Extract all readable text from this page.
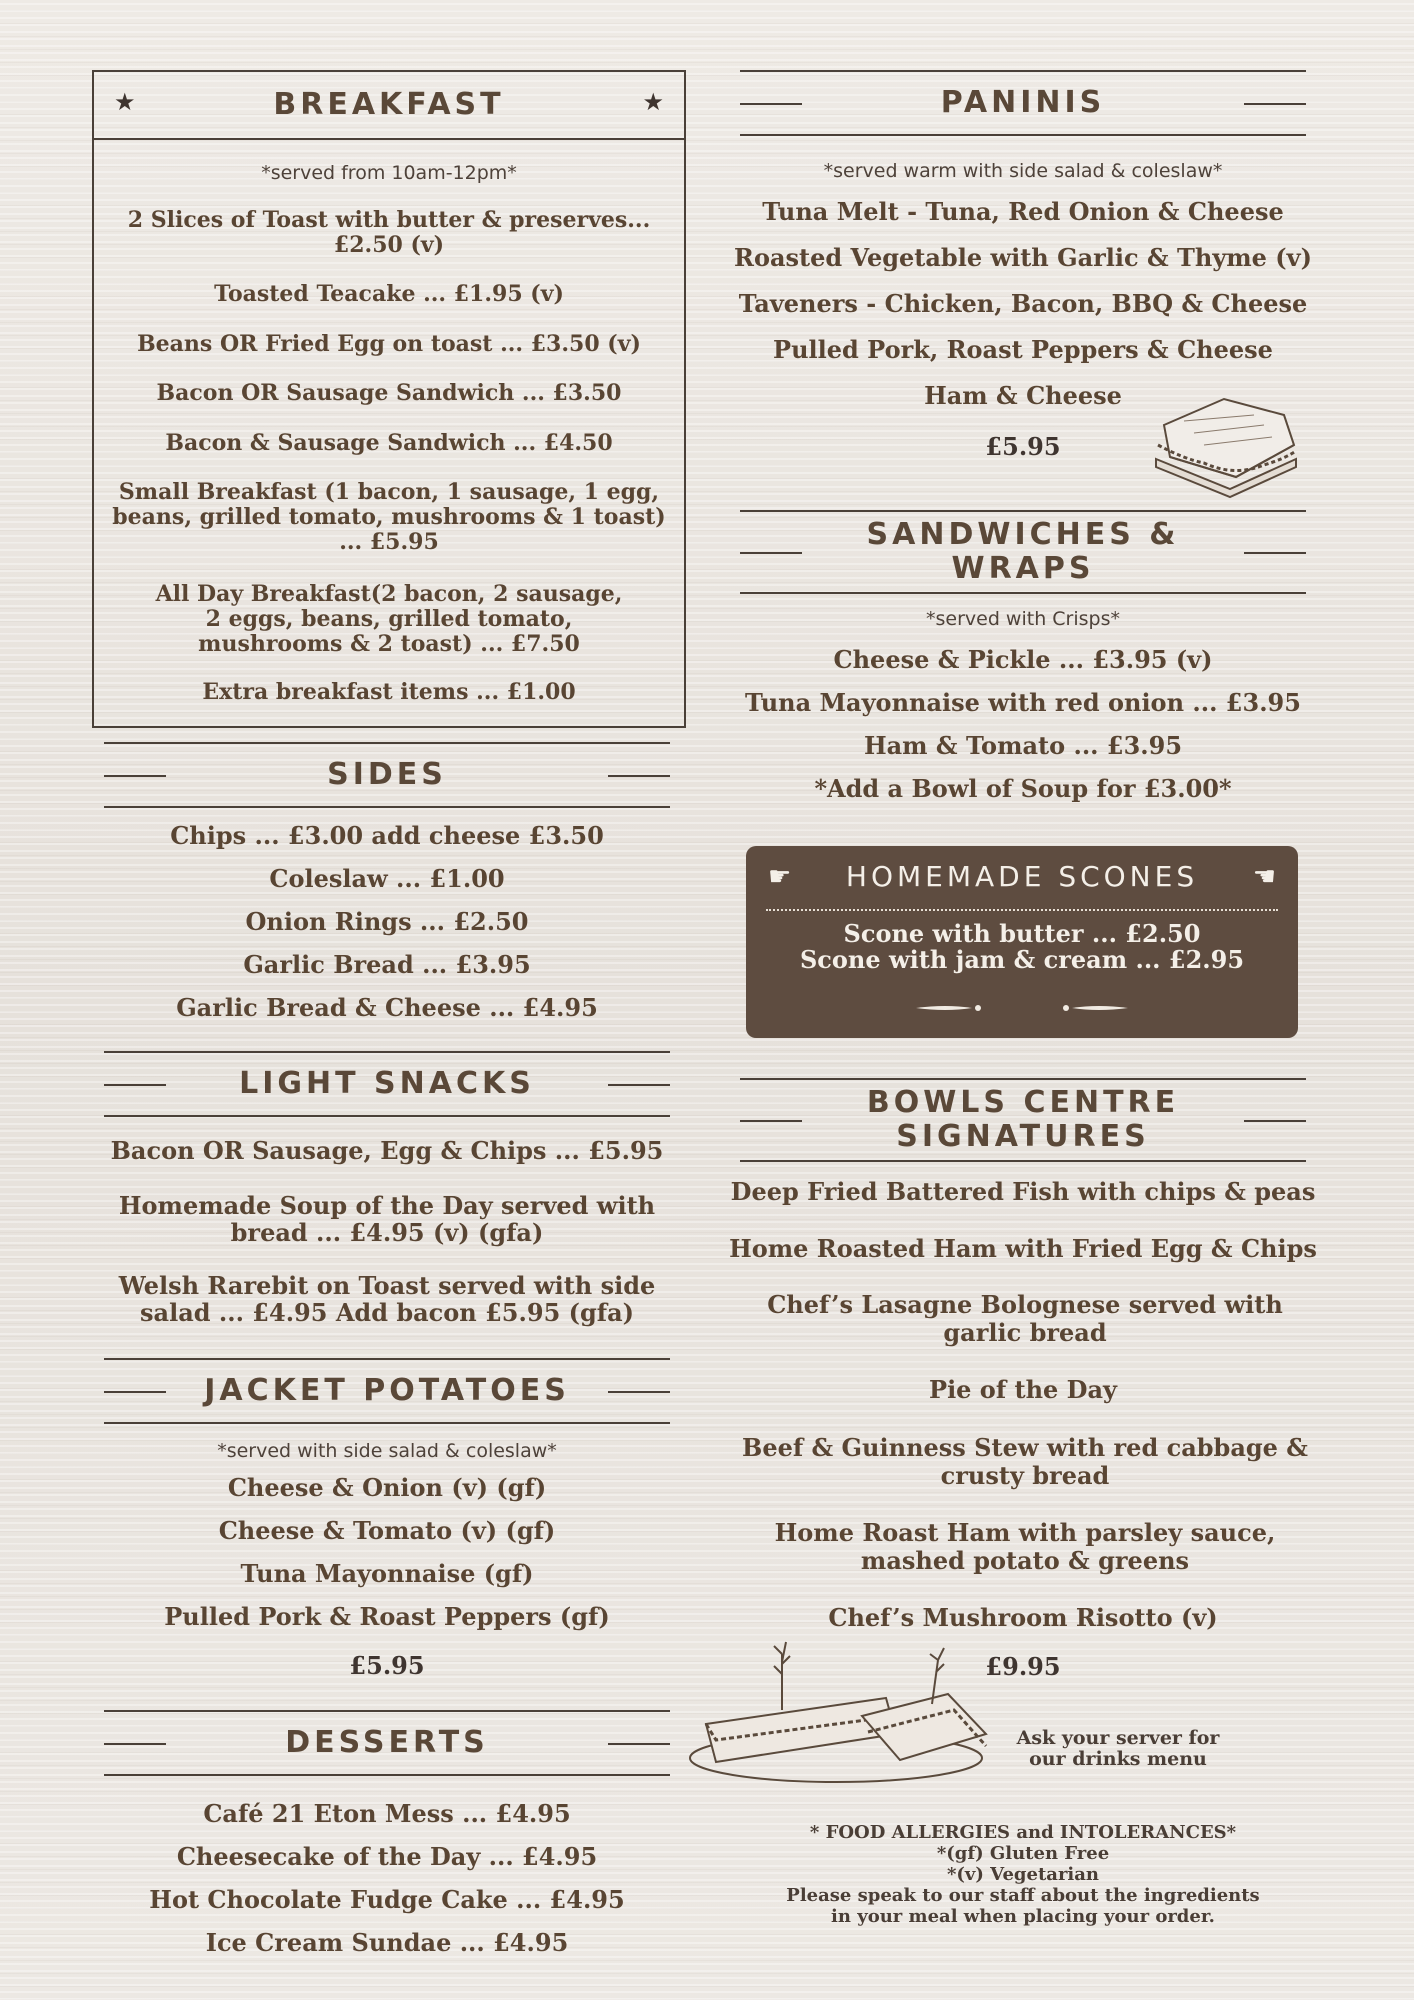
★	BREAKFAST	★
*served from 10am-12pm*
2 Slices of Toast with butter & preserves... £2.50 (v)
Toasted Teacake ... £1.95 (v)
Beans OR Fried Egg on toast ... £3.50 (v)
Bacon OR Sausage Sandwich ... £3.50
Bacon & Sausage Sandwich ... £4.50
Small Breakfast (1 bacon, 1 sausage, 1 egg, beans, grilled tomato, mushrooms & 1 toast) ... £5.95
All Day Breakfast(2 bacon, 2 sausage, 2 eggs, beans, grilled tomato, mushrooms & 2 toast) ... £7.50
Extra breakfast items ... £1.00
SIDES
Chips ... £3.00 add cheese £3.50
Coleslaw ... £1.00
Onion Rings ... £2.50
Garlic Bread ... £3.95
Garlic Bread & Cheese ... £4.95
LIGHT SNACKS
Bacon OR Sausage, Egg & Chips ... £5.95
Homemade Soup of the Day served with bread ... £4.95 (v) (gfa)
Welsh Rarebit on Toast served with side salad ... £4.95 Add bacon £5.95 (gfa)
JACKET POTATOES
*served with side salad & coleslaw*
Cheese & Onion (v) (gf)
Cheese & Tomato (v) (gf)
Tuna Mayonnaise (gf)
Pulled Pork & Roast Peppers (gf)
£5.95
DESSERTS
Café 21 Eton Mess ... £4.95
Cheesecake of the Day ... £4.95
Hot Chocolate Fudge Cake ... £4.95
Ice Cream Sundae ... £4.95
PANINIS
*served warm with side salad & coleslaw*
Tuna Melt - Tuna, Red Onion & Cheese
Roasted Vegetable with Garlic & Thyme (v)
Taveners - Chicken, Bacon, BBQ & Cheese
Pulled Pork, Roast Peppers & Cheese
Ham & Cheese
£5.95
SANDWICHES &
WRAPS
*served with Crisps*
Cheese & Pickle ... £3.95 (v)
Tuna Mayonnaise with red onion ... £3.95
Ham & Tomato ... £3.95
*Add a Bowl of Soup for £3.00*
☛	HOMEMADE SCONES	☚
Scone with butter ... £2.50
Scone with jam & cream ... £2.95
BOWLS CENTRE
SIGNATURES
Deep Fried Battered Fish with chips & peas
Home Roasted Ham with Fried Egg & Chips
Chef’s Lasagne Bolognese served with garlic bread
Pie of the Day
Beef & Guinness Stew with red cabbage & crusty bread
Home Roast Ham with parsley sauce, mashed potato & greens
Chef’s Mushroom Risotto (v)
£9.95
Ask your server for our drinks menu
* FOOD ALLERGIES and INTOLERANCES*
*(gf) Gluten Free
*(v) Vegetarian
Please speak to our staff about the ingredients
in your meal when placing your order.
